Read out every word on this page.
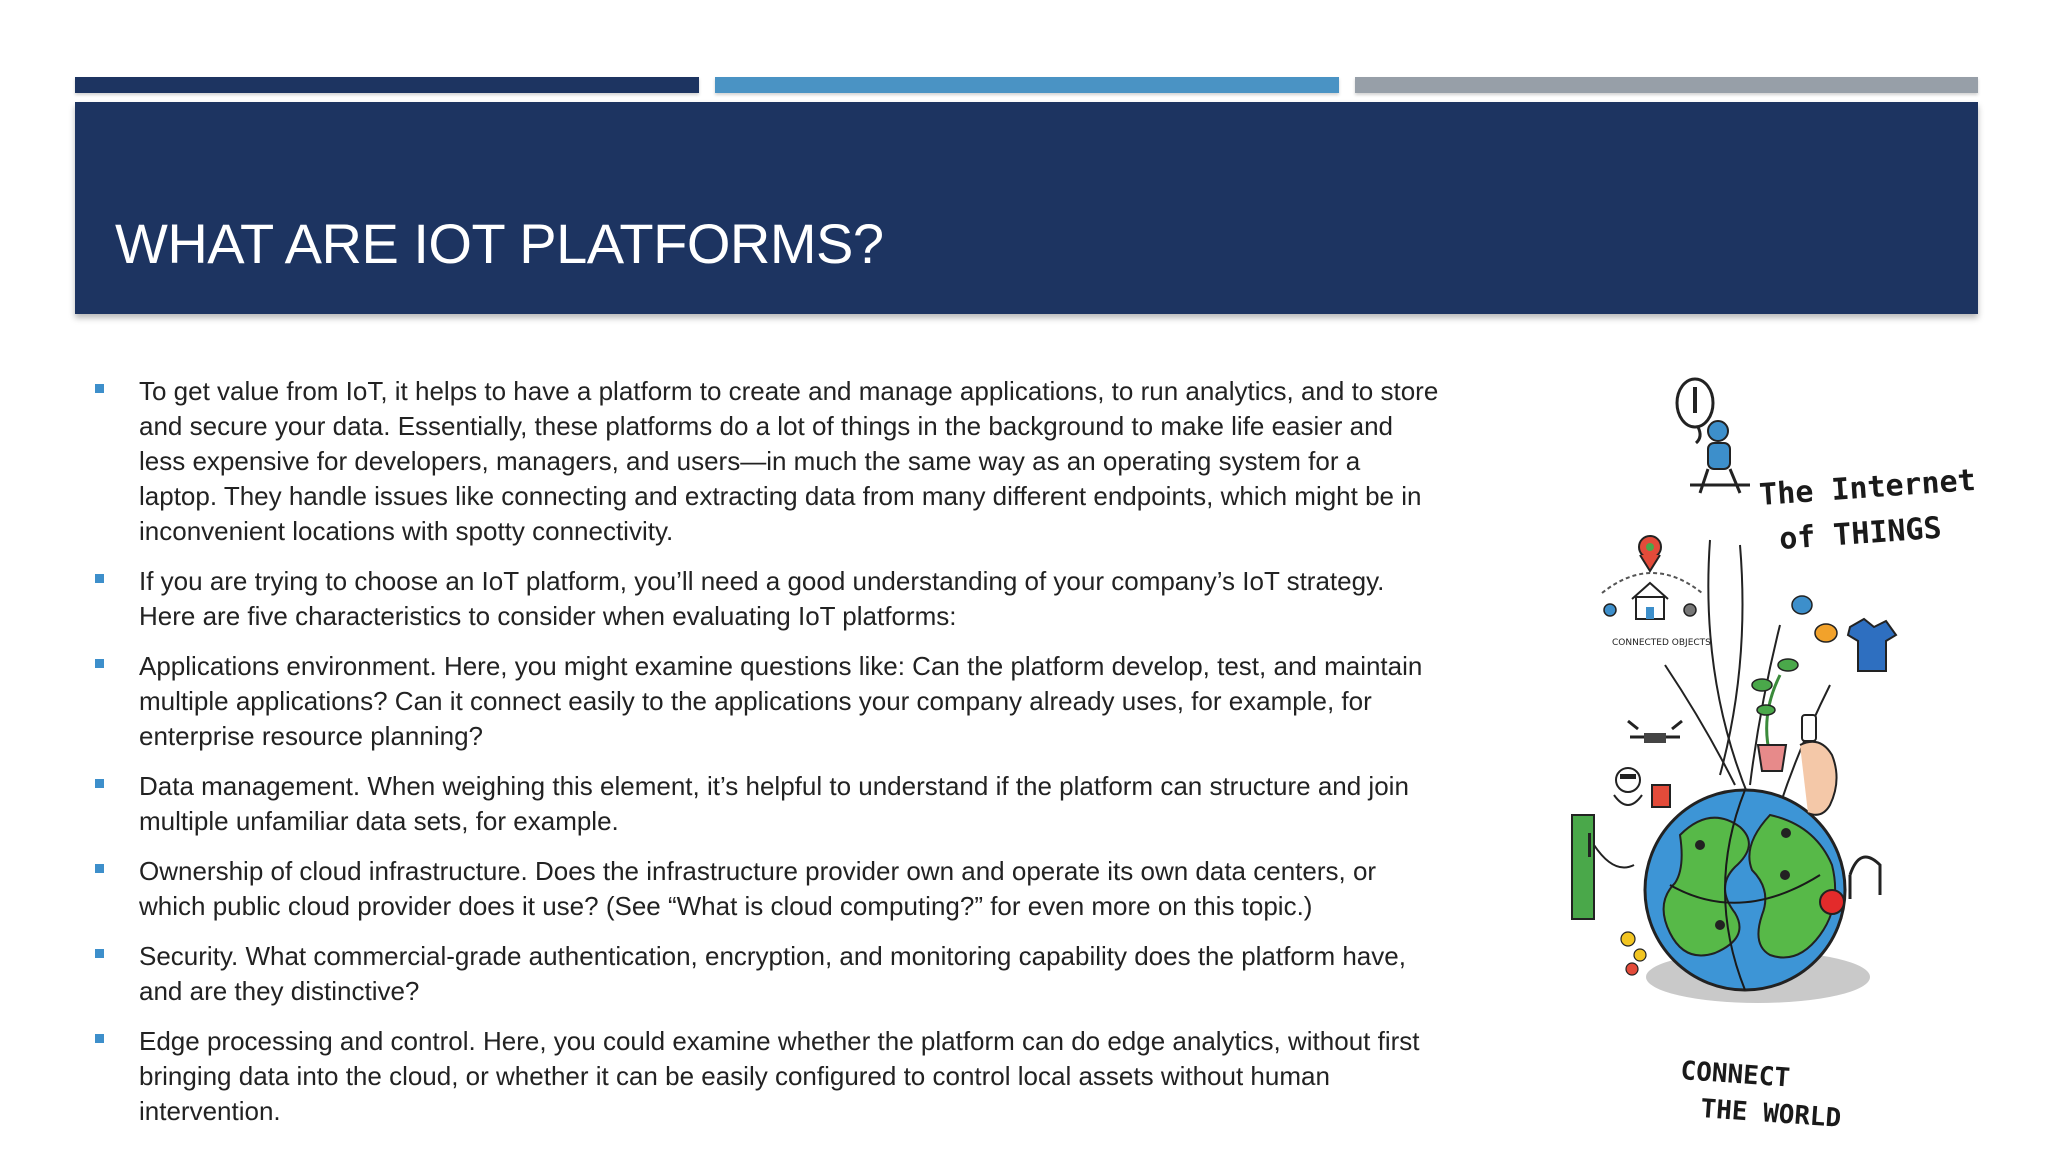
WHAT ARE IOT PLATFORMS?
To get value from IoT, it helps to have a platform to create and manage applications, to run analytics, and to store and secure your data. Essentially, these platforms do a lot of things in the background to make life easier and less expensive for developers, managers, and users—in much the same way as an operating system for a laptop. They handle issues like connecting and extracting data from many different endpoints, which might be in inconvenient locations with spotty connectivity.
If you are trying to choose an IoT platform, you’ll need a good understanding of your company’s IoT strategy. Here are five characteristics to consider when evaluating IoT platforms:
Applications environment. Here, you might examine questions like: Can the platform develop, test, and maintain multiple applications? Can it connect easily to the applications your company already uses, for example, for enterprise resource planning?
Data management. When weighing this element, it’s helpful to understand if the platform can structure and join multiple unfamiliar data sets, for example.
Ownership of cloud infrastructure. Does the infrastructure provider own and operate its own data centers, or which public cloud provider does it use? (See “What is cloud computing?” for even more on this topic.)
Security. What commercial-grade authentication, encryption, and monitoring capability does the platform have, and are they distinctive?
Edge processing and control. Here, you could examine whether the platform can do edge analytics, without first bringing data into the cloud, or whether it can be easily configured to control local assets without human intervention.
The Internet
of THINGS
CONNECTED OBJECTS
CONNECT
THE WORLD
